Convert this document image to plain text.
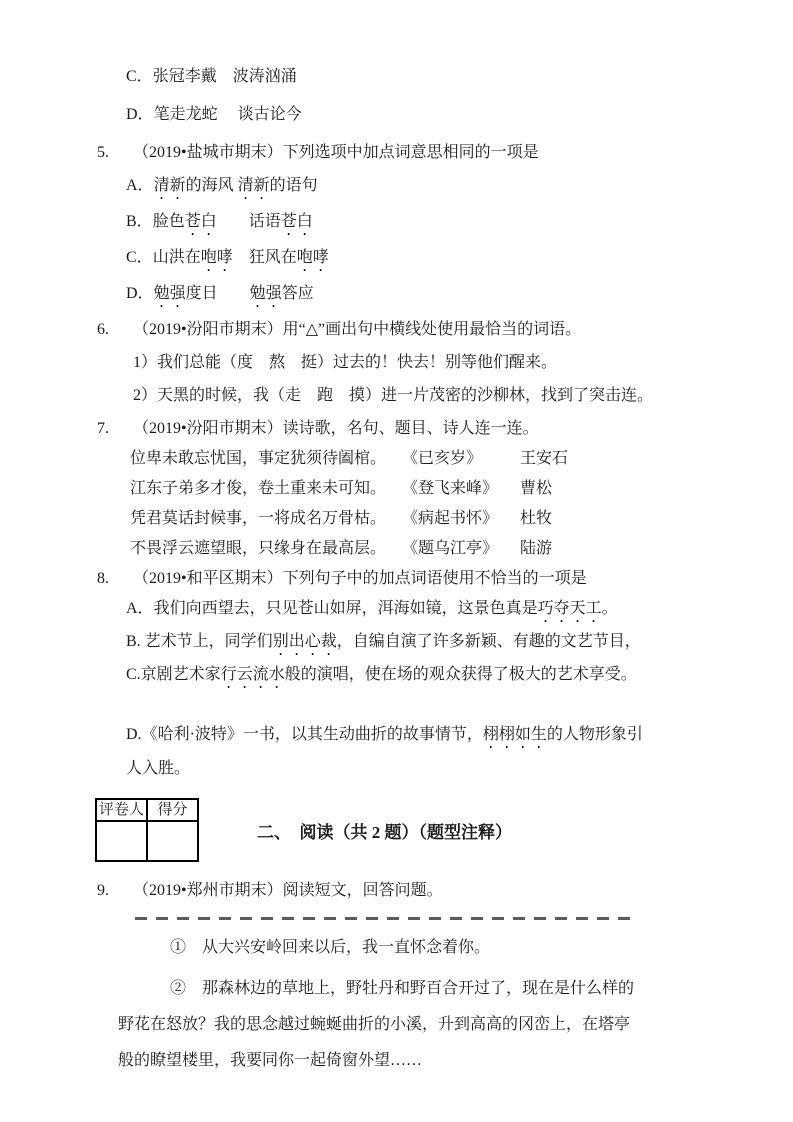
C．张冠李戴　波涛汹涌
D．笔走龙蛇　 谈古论今
5.	（2019•盐城市期末）下列选项中加点词意思相同的一项是
A．清新的海风 清新的语句
B．脸色苍白　　话语苍白
C．山洪在咆哮　狂风在咆哮
D．勉强度日　　勉强答应
6.	（2019•汾阳市期末）用“△”画出句中横线处使用最恰当的词语。
1）我们总能（度　熬　挺）过去的！快去！别等他们醒来。
2）天黑的时候，我（走　跑　摸）进一片茂密的沙柳林，找到了突击连。
7.	（2019•汾阳市期末）读诗歌，名句、题目、诗人连一连。
位卑未敢忘忧国，事定犹须待阖棺。 《已亥岁》	王安石
江东子弟多才俊，卷土重来未可知。 《登飞来峰》	曹松
凭君莫话封候事，一将成名万骨枯。 《病起书怀》	杜牧
不畏浮云遮望眼，只缘身在最高层。 《题乌江亭》	陆游
8.	（2019•和平区期末）下列句子中的加点词语使用不恰当的一项是
A．我们向西望去，只见苍山如屏，洱海如镜，这景色真是巧夺天工。
B. 艺术节上，同学们别出心裁，自编自演了许多新颖、有趣的文艺节目，
C.京剧艺术家行云流水般的演唱，使在场的观众获得了极大的艺术享受。
D.《哈利·波特》一书，以其生动曲折的故事情节，栩栩如生的人物形象引人入胜。
评卷人	得分

二、　阅读（共 2 题）（题型注释）
9.	（2019•郑州市期末）阅读短文，回答问题。
①　从大兴安岭回来以后，我一直怀念着你。
②　那森林边的草地上，野牡丹和野百合开过了，现在是什么样的野花在怒放？我的思念越过蜿蜒曲折的小溪，升到高高的冈峦上，在塔亭般的瞭望楼里，我要同你一起倚窗外望……
